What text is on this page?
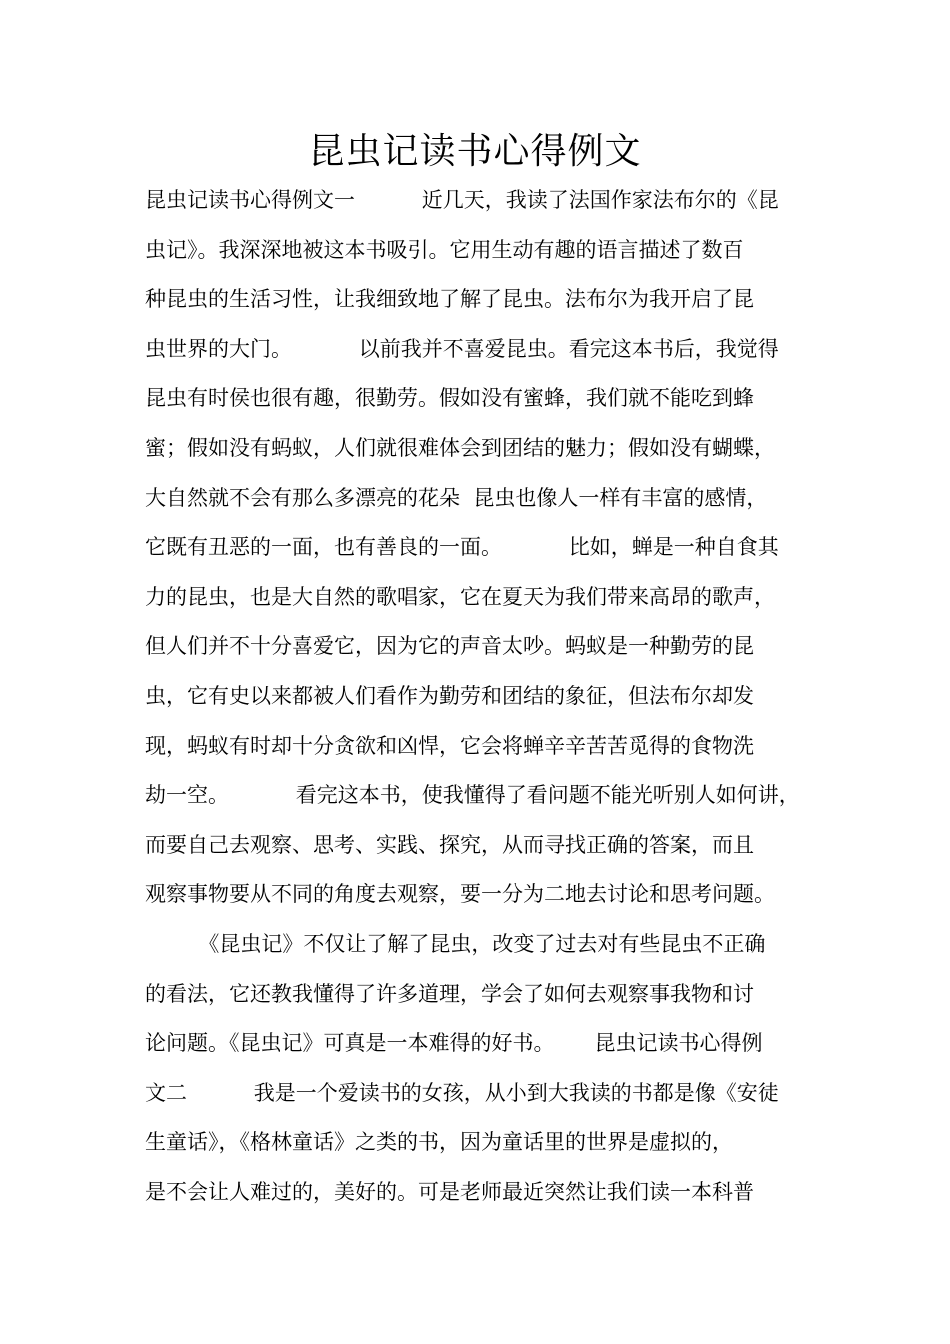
昆虫记读书心得例文
昆虫记读书心得例文一          近几天，我读了法国作家法布尔的《昆
虫记》。我深深地被这本书吸引。它用生动有趣的语言描述了数百
种昆虫的生活习性，让我细致地了解了昆虫。法布尔为我开启了昆
虫世界的大门。          以前我并不喜爱昆虫。看完这本书后，我觉得
昆虫有时侯也很有趣，很勤劳。假如没有蜜蜂，我们就不能吃到蜂
蜜；假如没有蚂蚁，人们就很难体会到团结的魅力；假如没有蝴蝶，
大自然就不会有那么多漂亮的花朵  昆虫也像人一样有丰富的感情，
它既有丑恶的一面，也有善良的一面。          比如，蝉是一种自食其
力的昆虫，也是大自然的歌唱家，它在夏天为我们带来高昂的歌声，
但人们并不十分喜爱它，因为它的声音太吵。蚂蚁是一种勤劳的昆
虫，它有史以来都被人们看作为勤劳和团结的象征，但法布尔却发
现，蚂蚁有时却十分贪欲和凶悍，它会将蝉辛辛苦苦觅得的食物洗
劫一空。          看完这本书，使我懂得了看问题不能光听别人如何讲，
而要自己去观察、思考、实践、探究，从而寻找正确的答案，而且
观察事物要从不同的角度去观察，要一分为二地去讨论和思考问题。
《昆虫记》不仅让了解了昆虫，改变了过去对有些昆虫不正确
的看法，它还教我懂得了许多道理，学会了如何去观察事我物和讨
论问题。《昆虫记》可真是一本难得的好书。      昆虫记读书心得例
文二          我是一个爱读书的女孩，从小到大我读的书都是像《安徒
生童话》，《格林童话》之类的书，因为童话里的世界是虚拟的，
是不会让人难过的，美好的。可是老师最近突然让我们读一本科普
